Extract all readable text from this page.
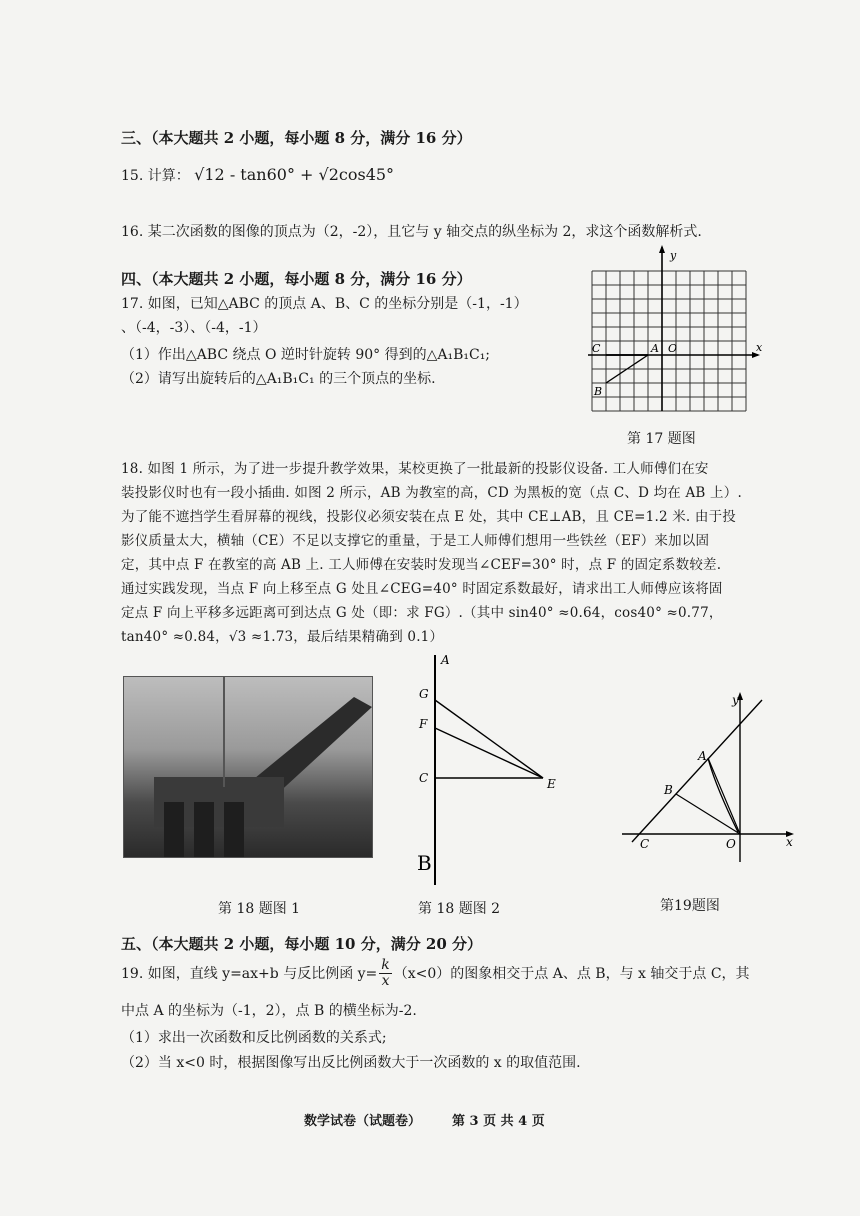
三、（本大题共 2 小题，每小题 8 分，满分 16 分）
15. 计算： √12 - tan60° + √2cos45°
16. 某二次函数的图像的顶点为（2，-2），且它与 y 轴交点的纵坐标为 2，求这个函数解析式.
四、（本大题共 2 小题，每小题 8 分，满分 16 分）
17. 如图，已知△ABC 的顶点 A、B、C 的坐标分别是（-1，-1）
、（-4，-3）、（-4，-1）
（1）作出△ABC 绕点 O 逆时针旋转 90° 得到的△A₁B₁C₁;
（2）请写出旋转后的△A₁B₁C₁ 的三个顶点的坐标.
y
x
O
A
C
B
第 17 题图
18. 如图 1 所示，为了进一步提升教学效果，某校更换了一批最新的投影仪设备. 工人师傅们在安
装投影仪时也有一段小插曲. 如图 2 所示，AB 为教室的高，CD 为黑板的宽（点 C、D 均在 AB 上）.
为了能不遮挡学生看屏幕的视线，投影仪必须安装在点 E 处，其中 CE⊥AB，且 CE=1.2 米. 由于投
影仪质量太大，横轴（CE）不足以支撑它的重量，于是工人师傅们想用一些铁丝（EF）来加以固
定，其中点 F 在教室的高 AB 上. 工人师傅在安装时发现当∠CEF=30° 时，点 F 的固定系数较差.
通过实践发现，当点 F 向上移至点 G 处且∠CEG=40° 时固定系数最好，请求出工人师傅应该将固
定点 F 向上平移多远距离可到达点 G 处（即：求 FG）.（其中 sin40° ≈0.64，cos40° ≈0.77，
tan40° ≈0.84，√3 ≈1.73，最后结果精确到 0.1）
第 18 题图 1
A
G
F
C	E
B
第 18 题图 2
y
x
A
B
C	O
第19题图
五、（本大题共 2 小题，每小题 10 分，满分 20 分）
19. 如图，直线 y=ax+b 与反比例函 $y= \frac{k}{x} (x<0)$的图象相交于点 A、点 B，与 x 轴交于点 C，其
中点 A 的坐标为（-1，2），点 B 的横坐标为-2.
（1）求出一次函数和反比例函数的关系式;
（2）当 x<0 时，根据图像写出反比例函数大于一次函数的 x 的取值范围.
数学试卷（试题卷） 第 3 页 共 4 页
